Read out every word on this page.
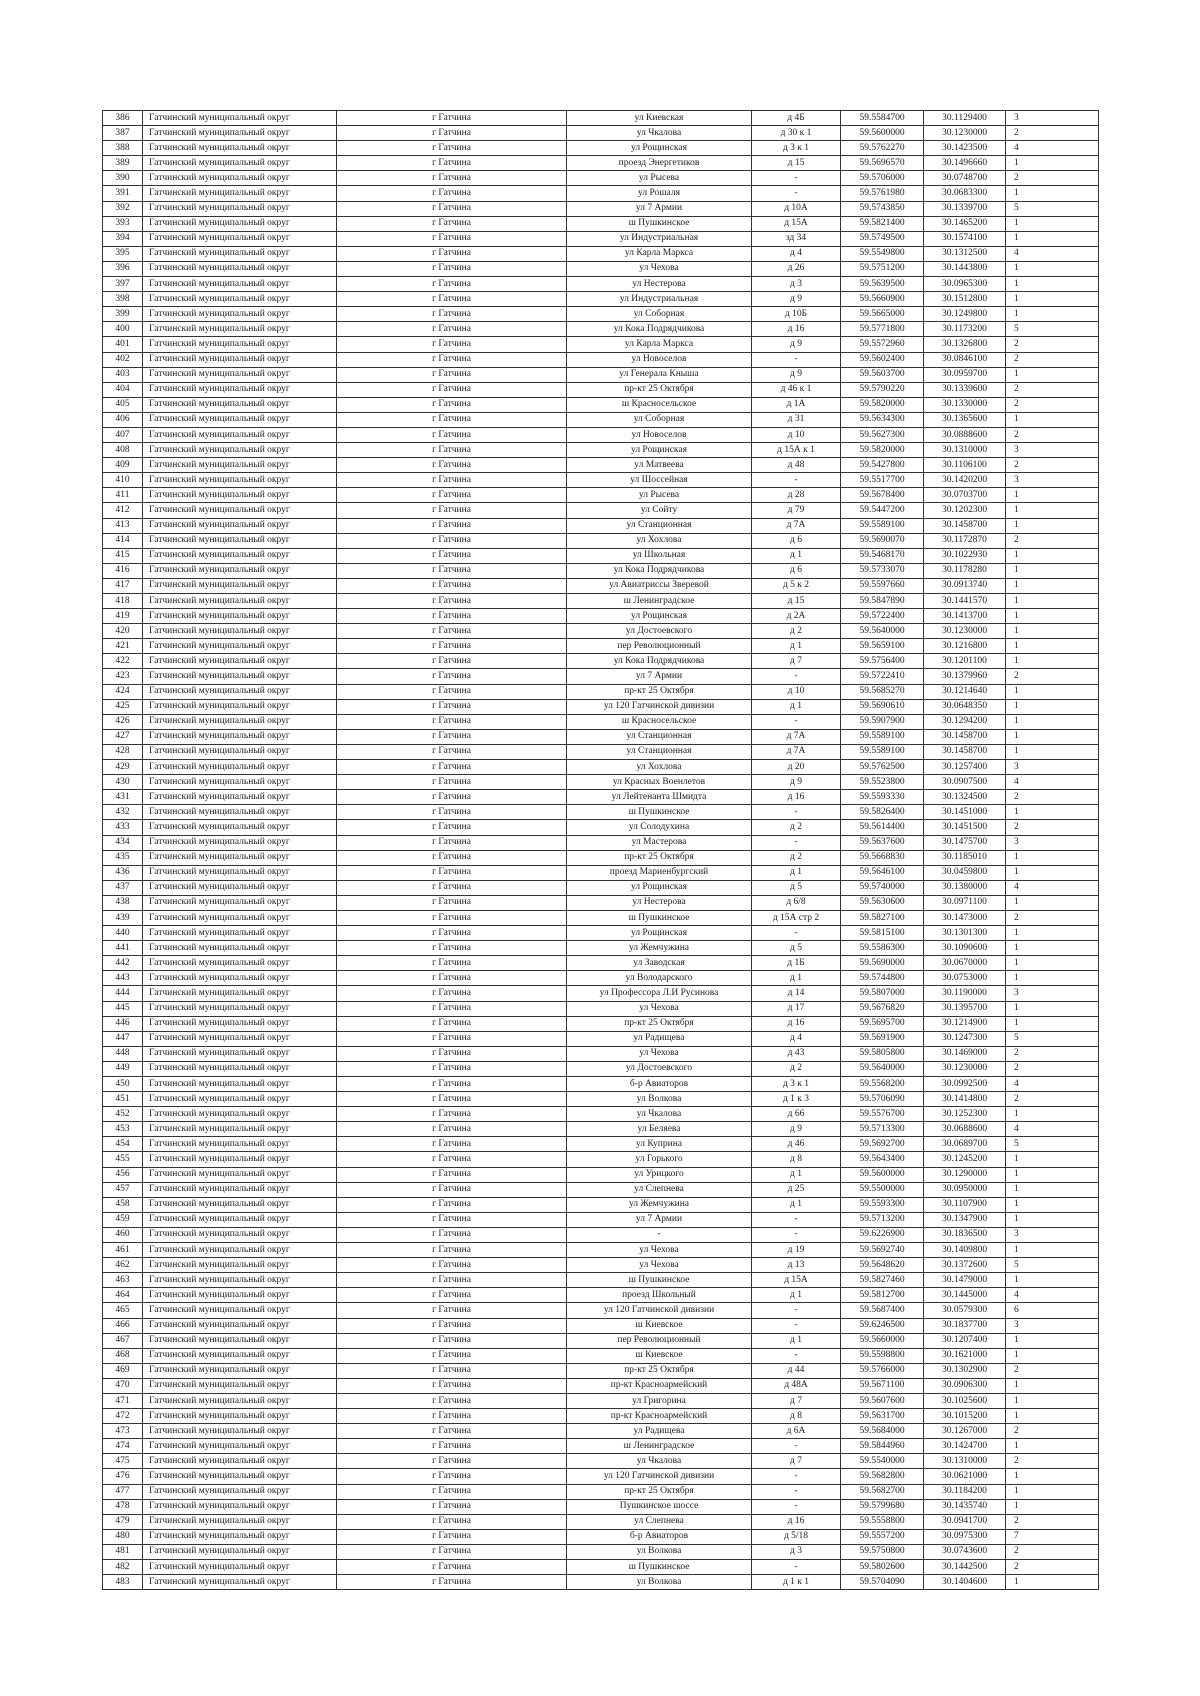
386	Гатчинский муниципальный округ	г Гатчина	ул Киевская	д 4Б	59.5584700	30.1129400	3
387	Гатчинский муниципальный округ	г Гатчина	ул Чкалова	д 30 к 1	59.5600000	30.1230000	2
388	Гатчинский муниципальный округ	г Гатчина	ул Рощинская	д 3 к 1	59.5762270	30.1423500	4
389	Гатчинский муниципальный округ	г Гатчина	проезд Энергетиков	д 15	59.5696570	30.1496660	1
390	Гатчинский муниципальный округ	г Гатчина	ул Рысева	-	59.5706000	30.0748700	2
391	Гатчинский муниципальный округ	г Гатчина	ул Рошаля	-	59.5761980	30.0683300	1
392	Гатчинский муниципальный округ	г Гатчина	ул 7 Армии	д 10А	59.5743850	30.1339700	5
393	Гатчинский муниципальный округ	г Гатчина	ш Пушкинское	д 15А	59.5821400	30.1465200	1
394	Гатчинский муниципальный округ	г Гатчина	ул Индустриальная	зд 34	59.5749500	30.1574100	1
395	Гатчинский муниципальный округ	г Гатчина	ул Карла Маркса	д 4	59.5549800	30.1312500	4
396	Гатчинский муниципальный округ	г Гатчина	ул Чехова	д 26	59.5751200	30.1443800	1
397	Гатчинский муниципальный округ	г Гатчина	ул Нестерова	д 3	59.5639500	30.0965300	1
398	Гатчинский муниципальный округ	г Гатчина	ул Индустриальная	д 9	59.5660900	30.1512800	1
399	Гатчинский муниципальный округ	г Гатчина	ул Соборная	д 10Б	59.5665000	30.1249800	1
400	Гатчинский муниципальный округ	г Гатчина	ул Кока Подрядчикова	д 16	59.5771800	30.1173200	5
401	Гатчинский муниципальный округ	г Гатчина	ул Карла Маркса	д 9	59.5572960	30.1326800	2
402	Гатчинский муниципальный округ	г Гатчина	ул Новоселов	-	59.5602400	30.0846100	2
403	Гатчинский муниципальный округ	г Гатчина	ул Генерала Кныша	д 9	59.5603700	30.0959700	1
404	Гатчинский муниципальный округ	г Гатчина	пр-кт 25 Октября	д 46 к 1	59.5790220	30.1339600	2
405	Гатчинский муниципальный округ	г Гатчина	ш Красносельское	д 1А	59.5820000	30.1330000	2
406	Гатчинский муниципальный округ	г Гатчина	ул Соборная	д 31	59.5634300	30.1365600	1
407	Гатчинский муниципальный округ	г Гатчина	ул Новоселов	д 10	59.5627300	30.0888600	2
408	Гатчинский муниципальный округ	г Гатчина	ул Рощинская	д 15А к 1	59.5820000	30.1310000	3
409	Гатчинский муниципальный округ	г Гатчина	ул Матвеева	д 48	59.5427800	30.1106100	2
410	Гатчинский муниципальный округ	г Гатчина	ул Шоссейная	-	59.5517700	30.1420200	3
411	Гатчинский муниципальный округ	г Гатчина	ул Рысева	д 28	59.5678400	30.0703700	1
412	Гатчинский муниципальный округ	г Гатчина	ул Сойту	д 79	59.5447200	30.1202300	1
413	Гатчинский муниципальный округ	г Гатчина	ул Станционная	д 7А	59.5589100	30.1458700	1
414	Гатчинский муниципальный округ	г Гатчина	ул Хохлова	д 6	59.5690070	30.1172870	2
415	Гатчинский муниципальный округ	г Гатчина	ул Школьная	д 1	59.5468170	30.1022930	1
416	Гатчинский муниципальный округ	г Гатчина	ул Кока Подрядчикова	д 6	59.5733070	30.1178280	1
417	Гатчинский муниципальный округ	г Гатчина	ул Авиатриссы Зверевой	д 5 к 2	59.5597660	30.0913740	1
418	Гатчинский муниципальный округ	г Гатчина	ш Ленинградское	д 15	59.5847890	30.1441570	1
419	Гатчинский муниципальный округ	г Гатчина	ул Рощинская	д 2А	59.5722400	30.1413700	1
420	Гатчинский муниципальный округ	г Гатчина	ул Достоевского	д 2	59.5640000	30.1230000	1
421	Гатчинский муниципальный округ	г Гатчина	пер Революционный	д 1	59.5659100	30.1216800	1
422	Гатчинский муниципальный округ	г Гатчина	ул Кока Подрядчикова	д 7	59.5756400	30.1201100	1
423	Гатчинский муниципальный округ	г Гатчина	ул 7 Армии	-	59.5722410	30.1379960	2
424	Гатчинский муниципальный округ	г Гатчина	пр-кт 25 Октября	д 10	59.5685270	30.1214640	1
425	Гатчинский муниципальный округ	г Гатчина	ул 120 Гатчинской дивизии	д 1	59.5690610	30.0648350	1
426	Гатчинский муниципальный округ	г Гатчина	ш Красносельское	-	59.5907900	30.1294200	1
427	Гатчинский муниципальный округ	г Гатчина	ул Станционная	д 7А	59.5589100	30.1458700	1
428	Гатчинский муниципальный округ	г Гатчина	ул Станционная	д 7А	59.5589100	30.1458700	1
429	Гатчинский муниципальный округ	г Гатчина	ул Хохлова	д 20	59.5762500	30.1257400	3
430	Гатчинский муниципальный округ	г Гатчина	ул Красных Военлетов	д 9	59.5523800	30.0907500	4
431	Гатчинский муниципальный округ	г Гатчина	ул Лейтенанта Шмидта	д 16	59.5593330	30.1324500	2
432	Гатчинский муниципальный округ	г Гатчина	ш Пушкинское	-	59.5826400	30.1451000	1
433	Гатчинский муниципальный округ	г Гатчина	ул Солодухина	д 2	59.5614400	30.1451500	2
434	Гатчинский муниципальный округ	г Гатчина	ул Мастерова	-	59.5637600	30.1475700	3
435	Гатчинский муниципальный округ	г Гатчина	пр-кт 25 Октября	д 2	59.5668830	30.1185010	1
436	Гатчинский муниципальный округ	г Гатчина	проезд Мариенбургский	д 1	59.5646100	30.0459800	1
437	Гатчинский муниципальный округ	г Гатчина	ул Рощинская	д 5	59.5740000	30.1380000	4
438	Гатчинский муниципальный округ	г Гатчина	ул Нестерова	д 6/8	59.5630600	30.0971100	1
439	Гатчинский муниципальный округ	г Гатчина	ш Пушкинское	д 15А стр 2	59.5827100	30.1473000	2
440	Гатчинский муниципальный округ	г Гатчина	ул Рощинская	-	59.5815100	30.1301300	1
441	Гатчинский муниципальный округ	г Гатчина	ул Жемчужина	д 5	59.5586300	30.1090600	1
442	Гатчинский муниципальный округ	г Гатчина	ул Заводская	д 1Б	59.5690000	30.0670000	1
443	Гатчинский муниципальный округ	г Гатчина	ул Володарского	д 1	59.5744800	30.0753000	1
444	Гатчинский муниципальный округ	г Гатчина	ул Профессора Л.И Русинова	д 14	59.5807000	30.1190000	3
445	Гатчинский муниципальный округ	г Гатчина	ул Чехова	д 17	59.5676820	30.1395700	1
446	Гатчинский муниципальный округ	г Гатчина	пр-кт 25 Октября	д 16	59.5695700	30.1214900	1
447	Гатчинский муниципальный округ	г Гатчина	ул Радищева	д 4	59.5691900	30.1247300	5
448	Гатчинский муниципальный округ	г Гатчина	ул Чехова	д 43	59.5805800	30.1469000	2
449	Гатчинский муниципальный округ	г Гатчина	ул Достоевского	д 2	59.5640000	30.1230000	2
450	Гатчинский муниципальный округ	г Гатчина	б-р Авиаторов	д 3 к 1	59.5568200	30.0992500	4
451	Гатчинский муниципальный округ	г Гатчина	ул Волкова	д 1 к 3	59.5706090	30.1414800	2
452	Гатчинский муниципальный округ	г Гатчина	ул Чкалова	д 66	59.5576700	30.1252300	1
453	Гатчинский муниципальный округ	г Гатчина	ул Беляева	д 9	59.5713300	30.0688600	4
454	Гатчинский муниципальный округ	г Гатчина	ул Куприна	д 46	59.5692700	30.0689700	5
455	Гатчинский муниципальный округ	г Гатчина	ул Горького	д 8	59.5643400	30.1245200	1
456	Гатчинский муниципальный округ	г Гатчина	ул Урицкого	д 1	59.5600000	30.1290000	1
457	Гатчинский муниципальный округ	г Гатчина	ул Слепнева	д 25	59.5500000	30.0950000	1
458	Гатчинский муниципальный округ	г Гатчина	ул Жемчужина	д 1	59.5593300	30.1107900	1
459	Гатчинский муниципальный округ	г Гатчина	ул 7 Армии	-	59.5713200	30.1347900	1
460	Гатчинский муниципальный округ	г Гатчина	-	-	59.6226900	30.1836500	3
461	Гатчинский муниципальный округ	г Гатчина	ул Чехова	д 19	59.5692740	30.1409800	1
462	Гатчинский муниципальный округ	г Гатчина	ул Чехова	д 13	59.5648620	30.1372600	5
463	Гатчинский муниципальный округ	г Гатчина	ш Пушкинское	д 15А	59.5827460	30.1479000	1
464	Гатчинский муниципальный округ	г Гатчина	проезд Школьный	д 1	59.5812700	30.1445000	4
465	Гатчинский муниципальный округ	г Гатчина	ул 120 Гатчинской дивизии	-	59.5687400	30.0579300	6
466	Гатчинский муниципальный округ	г Гатчина	ш Киевское	-	59.6246500	30.1837700	3
467	Гатчинский муниципальный округ	г Гатчина	пер Революционный	д 1	59.5660000	30.1207400	1
468	Гатчинский муниципальный округ	г Гатчина	ш Киевское	-	59.5598800	30.1621000	1
469	Гатчинский муниципальный округ	г Гатчина	пр-кт 25 Октября	д 44	59.5766000	30.1302900	2
470	Гатчинский муниципальный округ	г Гатчина	пр-кт Красноармейский	д 48А	59.5671100	30.0906300	1
471	Гатчинский муниципальный округ	г Гатчина	ул Григорина	д 7	59.5607600	30.1025600	1
472	Гатчинский муниципальный округ	г Гатчина	пр-кт Красноармейский	д 8	59.5631700	30.1015200	1
473	Гатчинский муниципальный округ	г Гатчина	ул Радищева	д 6А	59.5684000	30.1267000	2
474	Гатчинский муниципальный округ	г Гатчина	ш Ленинградское	-	59.5844960	30.1424700	1
475	Гатчинский муниципальный округ	г Гатчина	ул Чкалова	д 7	59.5540000	30.1310000	2
476	Гатчинский муниципальный округ	г Гатчина	ул 120 Гатчинской дивизии	-	59.5682800	30.0621000	1
477	Гатчинский муниципальный округ	г Гатчина	пр-кт 25 Октября	-	59.5682700	30.1184200	1
478	Гатчинский муниципальный округ	г Гатчина	Пушкинское шоссе	-	59.5799680	30.1435740	1
479	Гатчинский муниципальный округ	г Гатчина	ул Слепнева	д 16	59.5558800	30.0941700	2
480	Гатчинский муниципальный округ	г Гатчина	б-р Авиаторов	д 5/18	59.5557200	30.0975300	7
481	Гатчинский муниципальный округ	г Гатчина	ул Волкова	д 3	59.5750800	30.0743600	2
482	Гатчинский муниципальный округ	г Гатчина	ш Пушкинское	-	59.5802600	30.1442500	2
483	Гатчинский муниципальный округ	г Гатчина	ул Волкова	д 1 к 1	59.5704090	30.1404600	1
